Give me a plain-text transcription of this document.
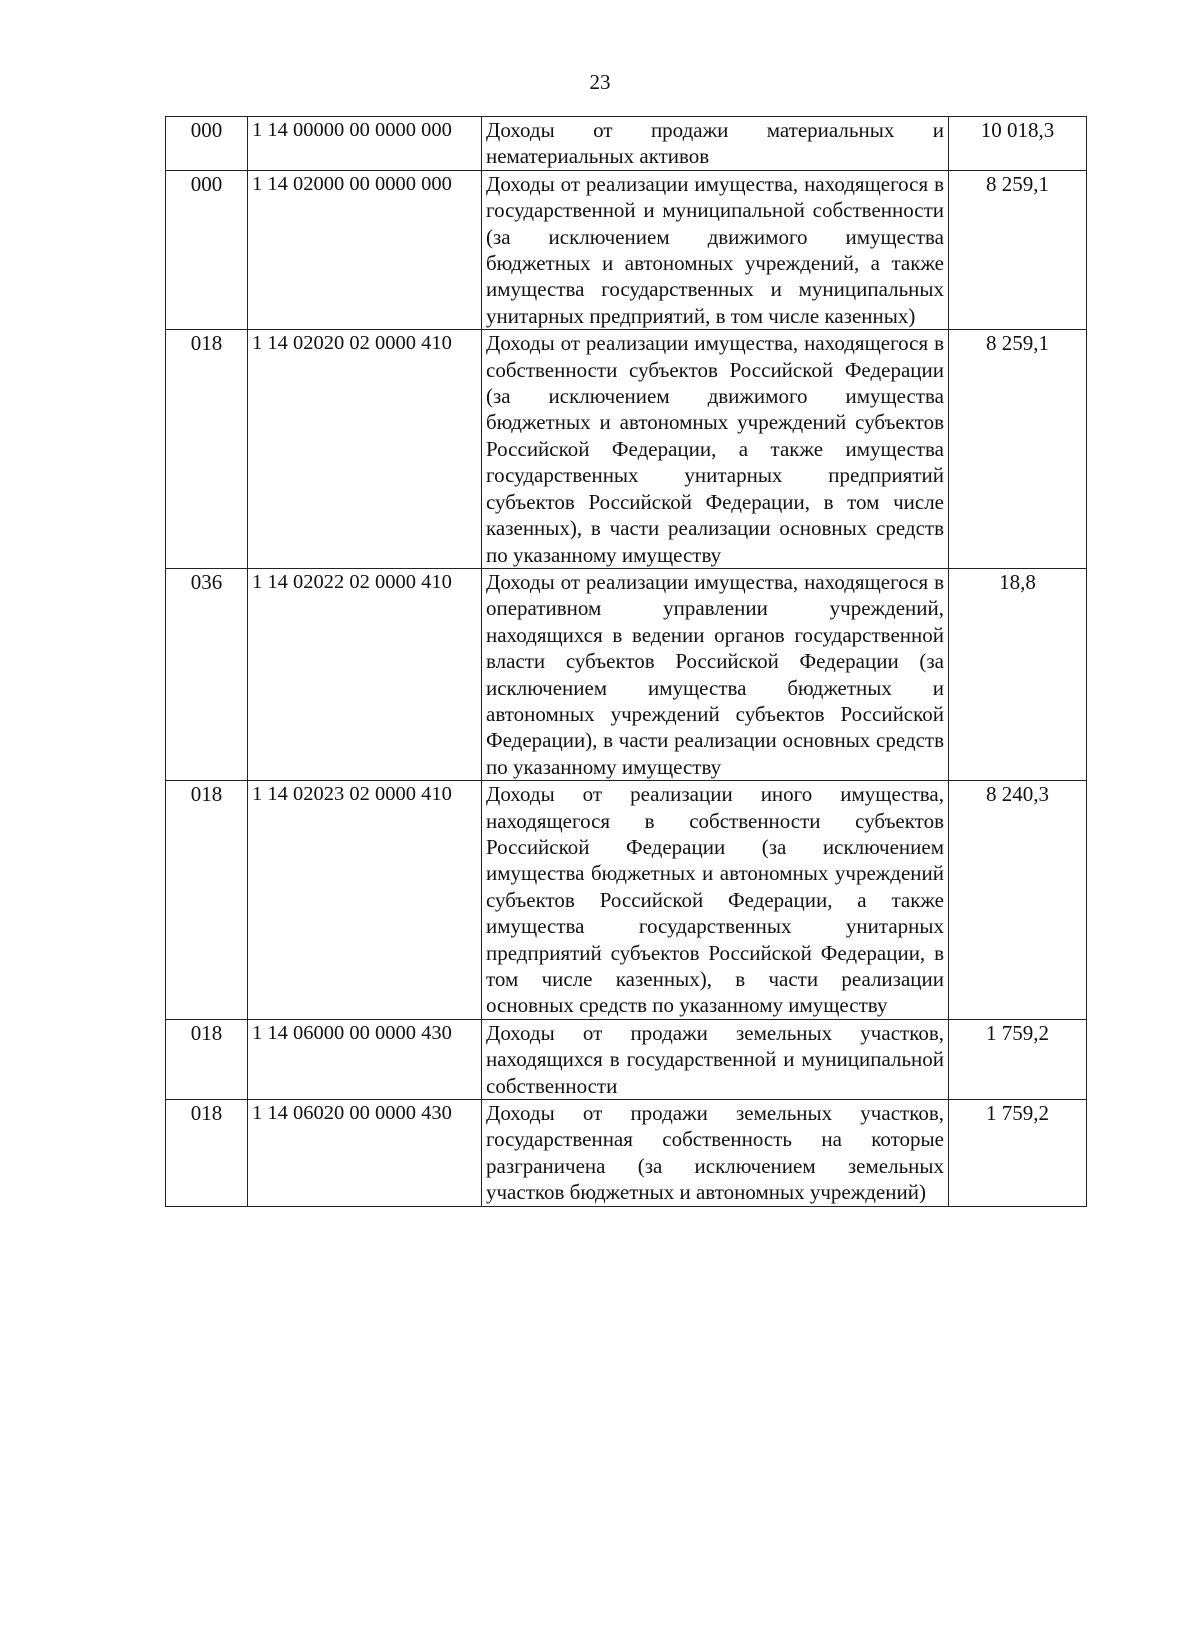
23
000	1 14 00000 00 0000 000	Доходы от продажи материальных и нематериальных активов	10 018,3
000	1 14 02000 00 0000 000	Доходы от реализации имущества, находящегося в государственной и муниципальной собственности (за исключением движимого имущества бюджетных и автономных учреждений, а также имущества государственных и муниципальных унитарных предприятий, в том числе казенных)	8 259,1
018	1 14 02020 02 0000 410	Доходы от реализации имущества, находящегося в собственности субъектов Российской Федерации (за исключением движимого имущества бюджетных и автономных учреждений субъектов Российской Федерации, а также имущества государственных унитарных предприятий субъектов Российской Федерации, в том числе казенных), в части реализации основных средств по указанному имуществу	8 259,1
036	1 14 02022 02 0000 410	Доходы от реализации имущества, находящегося в оперативном управлении учреждений, находящихся в ведении органов государственной власти субъектов Российской Федерации (за исключением имущества бюджетных и автономных учреждений субъектов Российской Федерации), в части реализации основных средств по указанному имуществу	18,8
018	1 14 02023 02 0000 410	Доходы от реализации иного имущества, находящегося в собственности субъектов Российской Федерации (за исключением имущества бюджетных и автономных учреждений субъектов Российской Федерации, а также имущества государственных унитарных предприятий субъектов Российской Федерации, в том числе казенных), в части реализации основных средств по указанному имуществу	8 240,3
018	1 14 06000 00 0000 430	Доходы от продажи земельных участков, находящихся в государственной и муниципальной собственности	1 759,2
018	1 14 06020 00 0000 430	Доходы от продажи земельных участков, государственная собственность на которые разграничена (за исключением земельных участков бюджетных и автономных учреждений)	1 759,2
